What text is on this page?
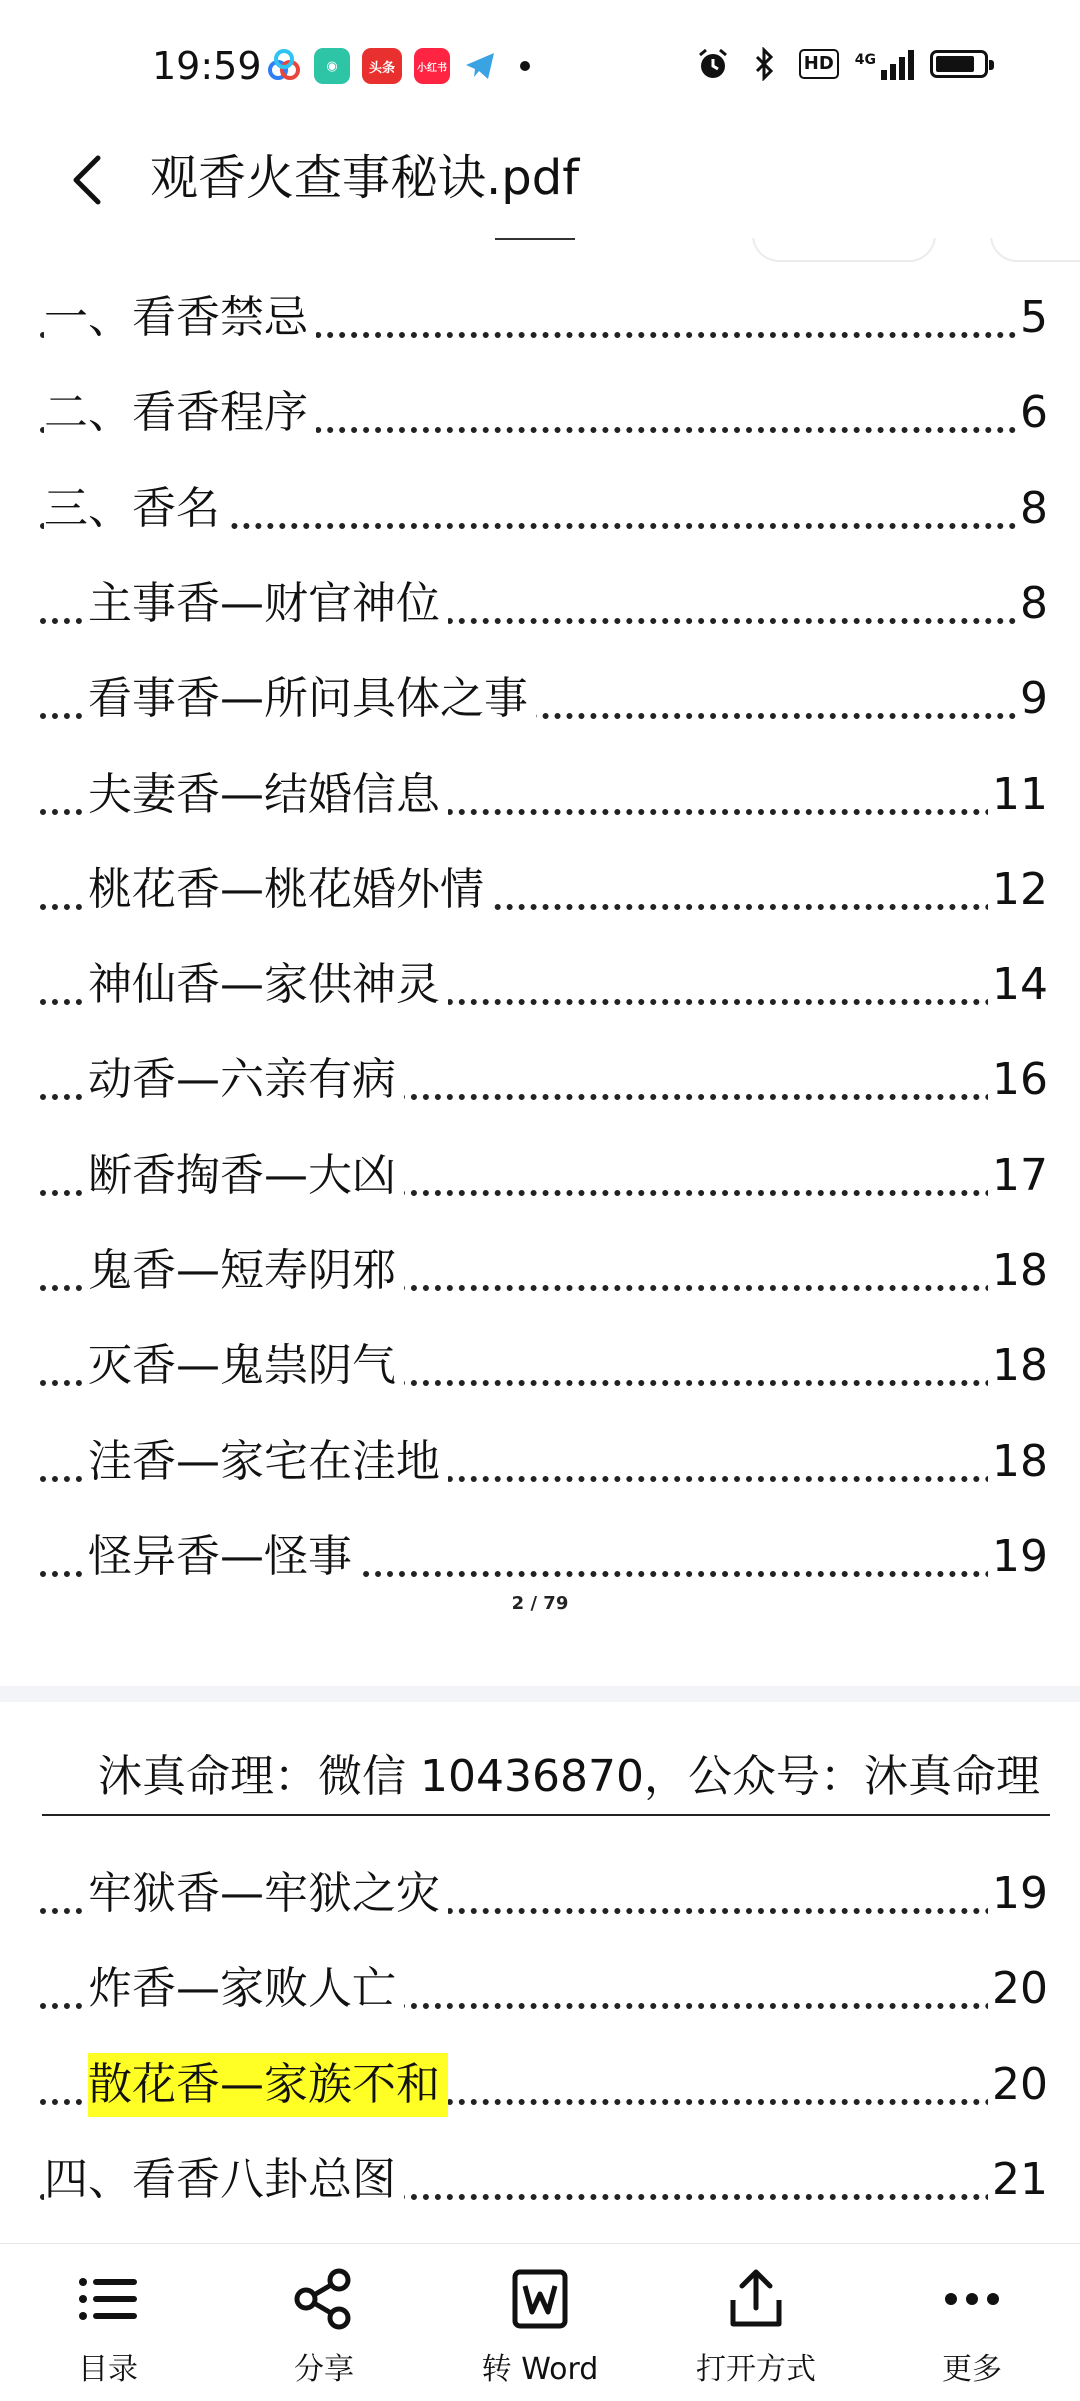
19:59	◉	头条	小红书	HD	4G
观香火查事秘诀.pdf
一、看香禁忌	5
二、看香程序	6
三、香名	8
主事香—财官神位	8
看事香—所问具体之事	9
夫妻香—结婚信息	11
桃花香—桃花婚外情	12
神仙香—家供神灵	14
动香—六亲有病	16
断香掏香—大凶	17
鬼香—短寿阴邪	18
灭香—鬼祟阴气	18
洼香—家宅在洼地	18
怪异香—怪事	19
2 / 79
沐真命理：微信 10436870，公众号：沐真命理
牢狱香—牢狱之灾	19
炸香—家败人亡	20
散花香—家族不和	20
四、看香八卦总图	21
目录	分享	转 Word	打开方式	更多
